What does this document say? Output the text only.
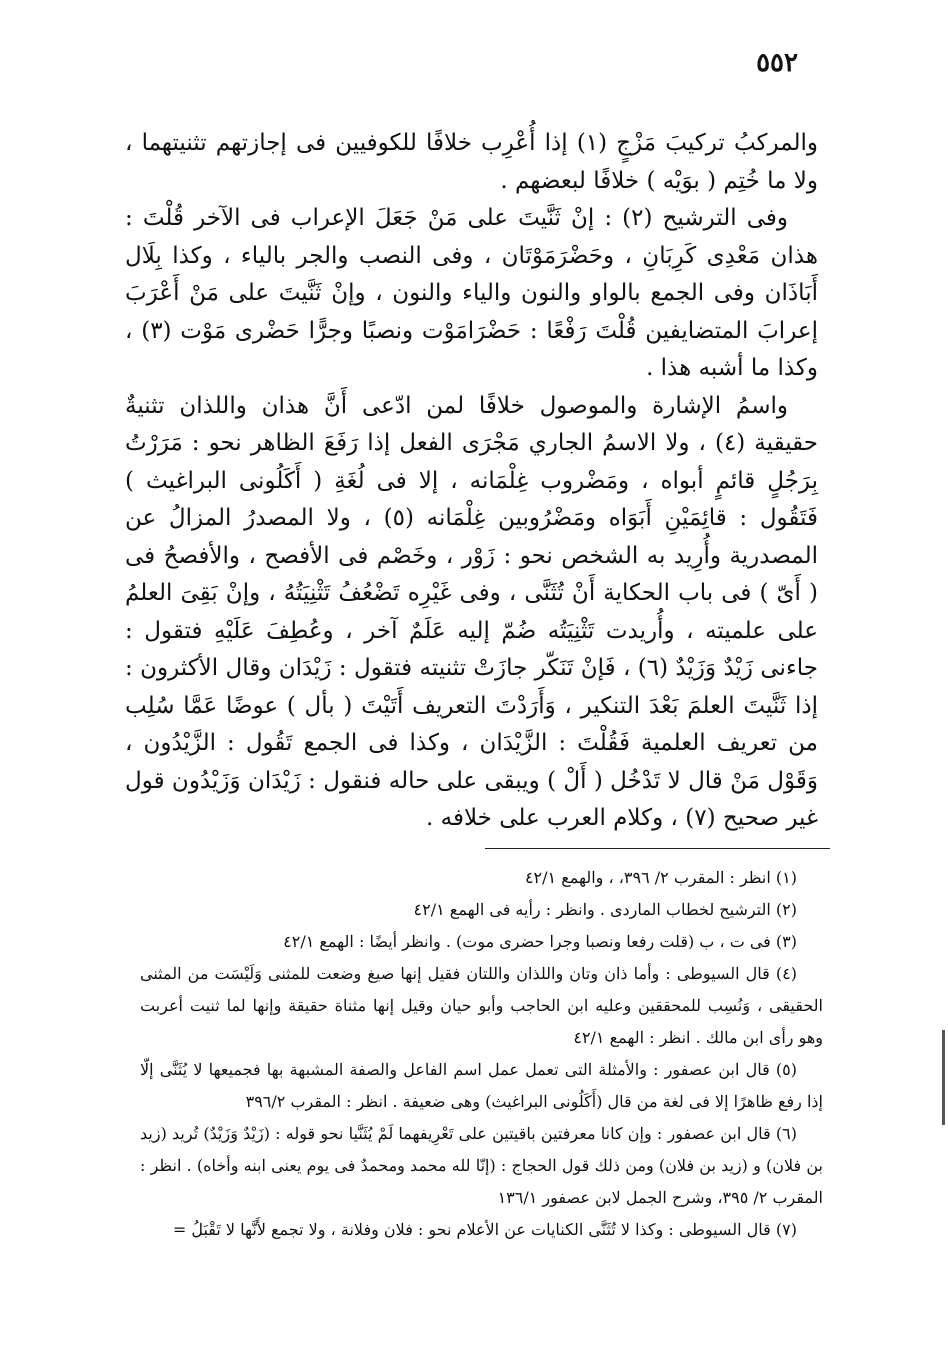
٥٥٢

والمركبُ تركيبَ مَزْجٍ (١) إذا أُعْرِب خلافًا للكوفيين فى إجازتهم تثنيتهما ، ولا ما خُتِم ( بوَيْه ) خلافًا لبعضهم .

وفى الترشيح (٢) : إنْ ثَنَّيتَ على مَنْ جَعَلَ الإعراب فى الآخر قُلْتَ : هذان مَعْدِى كَرِبَانِ ، وحَضْرَمَوْتَان ، وفى النصب والجر بالياء ، وكذا بِلَال أَبَاذَان وفى الجمع بالواو والنون والياء والنون ، وإنْ ثَنَّيتَ على مَنْ أَعْرَبَ إعرابَ المتضايفين قُلْتَ رَفْعًا : حَضْرَامَوْت ونصبًا وجرًّا حَضْرى مَوْت (٣) ، وكذا ما أشبه هذا .

واسمُ الإشارة والموصول خلافًا لمن ادّعى أَنَّ هذان واللذان تثنيةٌ حقيقية (٤) ، ولا الاسمُ الجاري مَجْرَى الفعل إذا رَفَعَ الظاهر نحو : مَرَرْتُ بِرَجُلٍ قائمٍ أبواه ، ومَضْروب غِلْمَانه ، إلا فى لُغَةِ ( أَكَلُونى البراغيث ) فَتَقُول : قائِمَيْنِ أَبَوَاه ومَضْرُوبين غِلْمَانه (٥) ، ولا المصدرُ المزالُ عن المصدرية وأُرِيد به الشخص نحو : زَوْر ، وخَصْم فى الأفصح ، والأفصحُ فى ( أَىّ ) فى باب الحكاية أَنْ تُثَنَّى ، وفى غَيْرِه تَضْعُفُ تَثْنِيَتُهُ ، وإنْ بَقِىَ العلمُ على علميته ، وأُريدت تَثْنِيَتُه ضُمّ إليه عَلَمٌ آخر ، وعُطِفَ عَلَيْهِ فتقول : جاءنى زَيْدٌ وَزَيْدٌ (٦) ، فَإنْ تَنَكّر جازَتْ تثنيته فتقول : زَيْدَان وقال الأكثرون : إذا ثَنَّيتَ العلمَ بَعْدَ التنكير ، وَأَرَدْتَ التعريف أَتَيْتَ ( بأل ) عوضًا عَمَّا سُلِب من تعريف العلمية فَقُلْتَ : الزَّيْدَان ، وكذا فى الجمع تَقُول : الزَّيْدُون ، وَقَوْل مَنْ قال لا تَدْخُل ( أَلْ ) ويبقى على حاله فنقول : زَيْدَان وَزَيْدُون قول غير صحيح (٧) ، وكلام العرب على خلافه .

(١) انظر : المقرب ٢/ ٣٩٦، ، والهمع ٤٢/١

(٢) الترشيح لخطاب الماردى . وانظر : رأيه فى الهمع ٤٢/١

(٣) فى ت ، ب (قلت رفعا ونصبا وجرا حضرى موت) . وانظر أيضًا : الهمع ٤٢/١

(٤) قال السيوطى : وأما ذان وتان واللذان واللتان فقيل إنها صيغ وضعت للمثنى وَلَيْسَت من المثنى الحقيقى ، وَنُسِب للمحققين وعليه ابن الحاجب وأبو حيان وقيل إنها مثناة حقيقة وإنها لما ثنيت أعربت وهو رأى ابن مالك . انظر : الهمع ٤٢/١

(٥) قال ابن عصفور : والأمثلة التى تعمل عمل اسم الفاعل والصفة المشبهة بها فجميعها لا يُثَنَّى إلّا إذا رفع ظاهرًا إلا فى لغة من قال (أَكَلُونى البراغيث) وهى ضعيفة . انظر : المقرب ٣٩٦/٢

(٦) قال ابن عصفور : وإن كانا معرفتين باقيتين على تَعْرِيفهما لَمْ يُثَنَّيا نحو قوله : (زَيْدٌ وَزَيْدٌ) تُريد (زيد بن فلان) و (زيد بن فلان) ومن ذلك قول الحجاج : (إنّا لله محمد ومحمدٌ فى يوم يعنى ابنه وأخاه) . انظر : المقرب ٢/ ٣٩٥، وشرح الجمل لابن عصفور ١٣٦/١

(٧) قال السيوطى : وكذا لا تُثَنَّى الكنايات عن الأعلام نحو : فلان وفلانة ، ولا تجمع لأَنَّها لا تَقْبَلُ =
